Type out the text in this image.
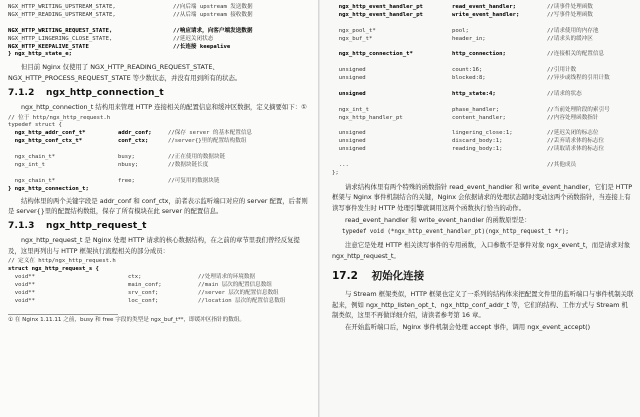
NGX_HTTP_WRITING_UPSTREAM_STATE,	//向后端 upstream 发送数据
NGX_HTTP_READING_UPSTREAM_STATE,	//从后端 upstream 接收数据
NGX_HTTP_WRITING_REQUEST_STATE,	//响应请求，向客户端发送数据
NGX_HTTP_LINGERING_CLOSE_STATE,	//延迟关闭状态
NGX_HTTP_KEEPALIVE_STATE	//长连接 keepalive
} ngx_http_state_e;

但目前 Nginx 仅使用了 NGX_HTTP_READING_REQUEST_STATE、NGX_HTTP_PROCESS_REQUEST_STATE 等少数状态，并没有用到所有的状态。

7.1.2 ngx_http_connection_t

ngx_http_connection_t 结构用来管理 HTTP 连接相关的配置信息和缓冲区数据，定义摘要如下：①

// 位于 http/ngx_http_request.h
typedef struct {
ngx_http_addr_conf_t*	addr_conf;	//保存 server 的基本配置信息
ngx_http_conf_ctx_t*	conf_ctx;	//server{}里的配置结构数组
ngx_chain_t*	busy;	//正在使用的数据块链
ngx_int_t	nbusy;	//数据块链长度
ngx_chain_t*	free;	//可复用的数据块链
} ngx_http_connection_t;

结构体里的两个关键字段是 addr_conf 和 conf_ctx，前者表示监听端口对应的 server 配置，后者则是 server{}里的配置结构数组，保存了所有模块在此 server 的配置信息。

7.1.3 ngx_http_request_t

ngx_http_request_t 是 Nginx 处理 HTTP 请求的核心数据结构，在之前的章节里我们曾经反复提及，这里再列出与 HTTP 框架执行流程相关的部分成员：

// 定义在 http/ngx_http_request.h
struct ngx_http_request_s {
void**	ctx;	//处理请求的环境数据
void**	main_conf;	//main 层次的配置信息数组
void**	srv_conf;	//server 层次的配置信息数组
void**	loc_conf;	//location 层次的配置信息数组

① 在 Nginx 1.11.11 之前，busy 和 free 字段的类型是 ngx_buf_t**，即缓冲区指针的数组。

ngx_http_event_handler_pt	read_event_handler;	//读事件处理函数
ngx_http_event_handler_pt	write_event_handler;	//写事件处理函数
ngx_pool_t*	pool;	//请求使用的内存池
ngx_buf_t*	header_in;	//请求头的缓冲区
ngx_http_connection_t*	http_connection;	//连接相关的配置信息
unsigned	count:16;	//引用计数
unsigned	blocked:8;	//异步或线程的引用计数
unsigned	http_state:4;	//请求的状态
ngx_int_t	phase_handler;	//当前处理阶段的索引号
ngx_http_handler_pt	content_handler;	//内容处理函数指针
unsigned	lingering_close:1;	//延迟关闭的标志位
unsigned	discard_body:1;	//丢弃请求体的标志位
unsigned	reading_body:1;	//读取请求体的标志位
...	//其他成员
};

请求结构体里有两个特殊的函数指针 read_event_handler 和 write_event_handler，它们是 HTTP 框架与 Nginx 事件机制结合的关键，Nginx 会依据请求的处理状态随时变动这两个函数指针，当连接上有读写事件发生时 HTTP 处理引擎就调用这两个函数执行恰当的动作。

read_event_handler 和 write_event_handler 的函数原型是：

typedef void (*ngx_http_event_handler_pt)(ngx_http_request_t *r);

注意它是处理 HTTP 相关读写事件的专用函数，入口参数不是事件对象 ngx_event_t，而是请求对象 ngx_http_request_t。

17.2 初始化连接

与 Stream 框架类似，HTTP 框架也定义了一系列的结构体来把配置文件里的监听端口与事件机制关联起来，例如 ngx_http_listen_opt_t、ngx_http_conf_addr_t 等，它们的结构、工作方式与 Stream 机制类似，这里不再做详细介绍，请读者参考第 16 章。

在开始监听端口后，Nginx 事件机制会处理 accept 事件，调用 ngx_event_accept()
